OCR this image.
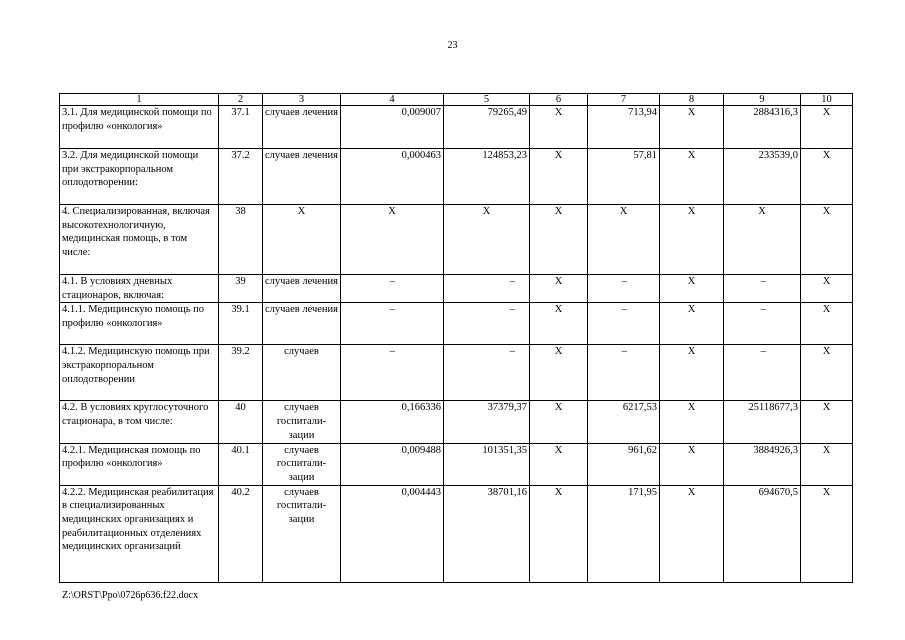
23
1	2	3	4	5	6	7	8	9	10
3.1. Для медицинской помощи по профилю «онкология»	37.1	случаев лечения	0,009007	79265,49	X	713,94	X	2884316,3	X
3.2. Для медицинской помощи при экстракорпоральном оплодотворении:	37.2	случаев лечения	0,000463	124853,23	X	57,81	X	233539,0	X
4. Специализированная, включая высокотехнологичную, медицинская помощь, в том числе:	38	X	X	X	X	X	X	X	X
4.1. В условиях дневных стационаров, включая:	39	случаев лечения	–	–	X	–	X	–	X
4.1.1. Медицинскую помощь по профилю «онкология»	39.1	случаев лечения	–	–	X	–	X	–	X
4.1.2. Медицинскую помощь при экстракорпоральном оплодотворении	39.2	случаев	–	–	X	–	X	–	X
4.2. В условиях круглосуточного стационара, в том числе:	40	случаев госпитали-зации	0,166336	37379,37	X	6217,53	X	25118677,3	X
4.2.1. Медицинская помощь по профилю «онкология»	40.1	случаев госпитали-зации	0,009488	101351,35	X	961,62	X	3884926,3	X
4.2.2. Медицинская реабилитация в специализированных медицинских организациях и реабилитационных отделениях медицинских организаций	40.2	случаев госпитали-зации	0,004443	38701,16	X	171,95	X	694670,5	X
Z:\ORST\Ppo\0726p636.f22.docx
